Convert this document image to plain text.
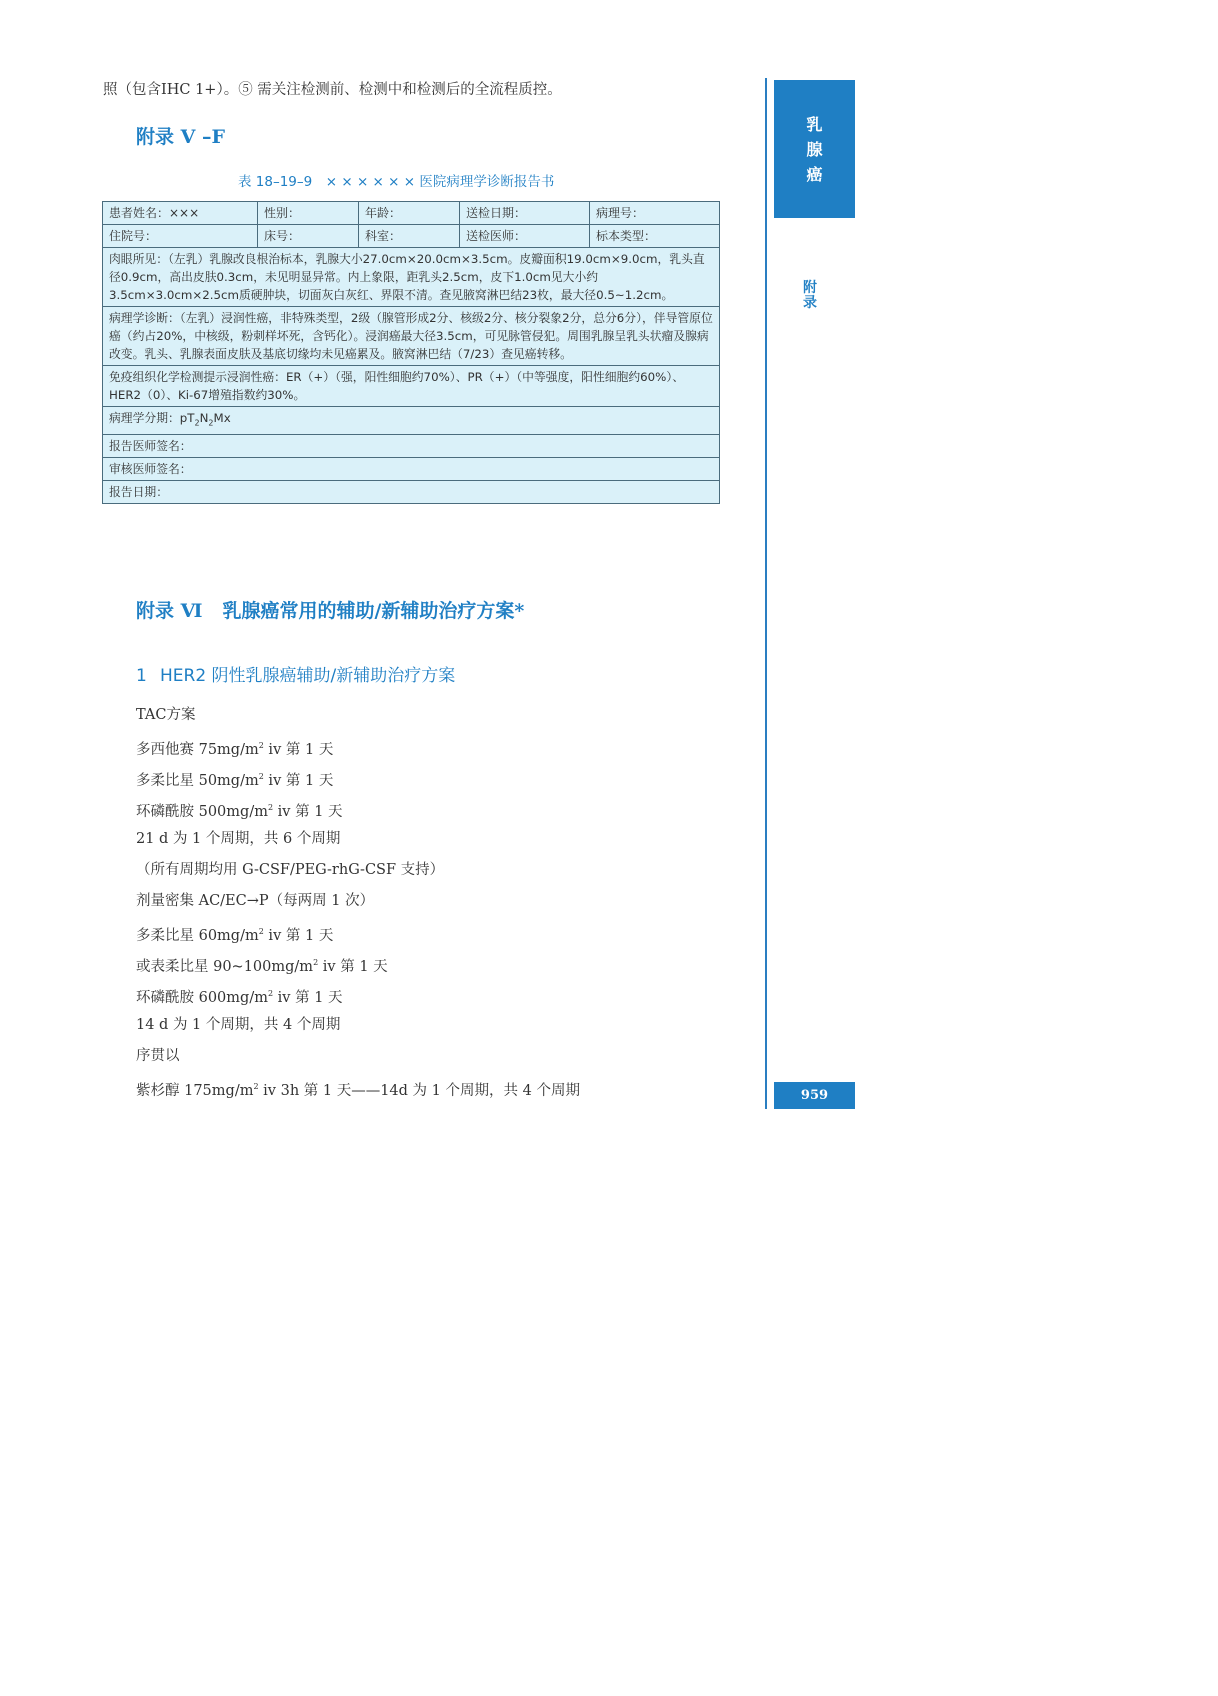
照（包含IHC 1+）。⑤ 需关注检测前、检测中和检测后的全流程质控。
附录 V –F
表 18–19–9　× × × × × × 医院病理学诊断报告书
患者姓名：×××	性别：	年龄：	送检日期：	病理号：
住院号：	床号：	科室：	送检医师：	标本类型：
肉眼所见：（左乳）乳腺改良根治标本，乳腺大小27.0cm×20.0cm×3.5cm。皮瓣面积19.0cm×9.0cm，乳头直径0.9cm，高出皮肤0.3cm，未见明显异常。内上象限，距乳头2.5cm，皮下1.0cm见大小约3.5cm×3.0cm×2.5cm质硬肿块，切面灰白灰红、界限不清。查见腋窝淋巴结23枚，最大径0.5~1.2cm。
病理学诊断：（左乳）浸润性癌，非特殊类型，2级（腺管形成2分、核级2分、核分裂象2分，总分6分），伴导管原位癌（约占20%，中核级，粉刺样坏死，含钙化）。浸润癌最大径3.5cm，可见脉管侵犯。周围乳腺呈乳头状瘤及腺病改变。乳头、乳腺表面皮肤及基底切缘均未见癌累及。腋窝淋巴结（7/23）查见癌转移。
免疫组织化学检测提示浸润性癌：ER（+）（强，阳性细胞约70%）、PR（+）（中等强度，阳性细胞约60%）、HER2（0）、Ki-67增殖指数约30%。
病理学分期：$pT_2N_2Mx$
报告医师签名：
审核医师签名：
报告日期：
附录 Ⅵ 乳腺癌常用的辅助/新辅助治疗方案*
1 HER2 阴性乳腺癌辅助/新辅助治疗方案
TAC方案
多西他赛 $75mg/m^2$ iv 第 1 天
多柔比星 $50mg/m^2$ iv 第 1 天
环磷酰胺 $500mg/m^2$ iv 第 1 天
21 d 为 1 个周期，共 6 个周期
（所有周期均用 G-CSF/PEG-rhG-CSF 支持）
剂量密集 AC/EC→P（每两周 1 次）
多柔比星 $60mg/m^2$ iv 第 1 天
或表柔比星 $90\sim 100mg/m^2$ iv 第 1 天
环磷酰胺 $600mg/m^2$ iv 第 1 天
14 d 为 1 个周期，共 4 个周期
序贯以
紫杉醇 $175mg/m^2$ iv 3h 第 1 天——14d 为 1 个周期，共 4 个周期
乳
腺
癌
附
录
959
